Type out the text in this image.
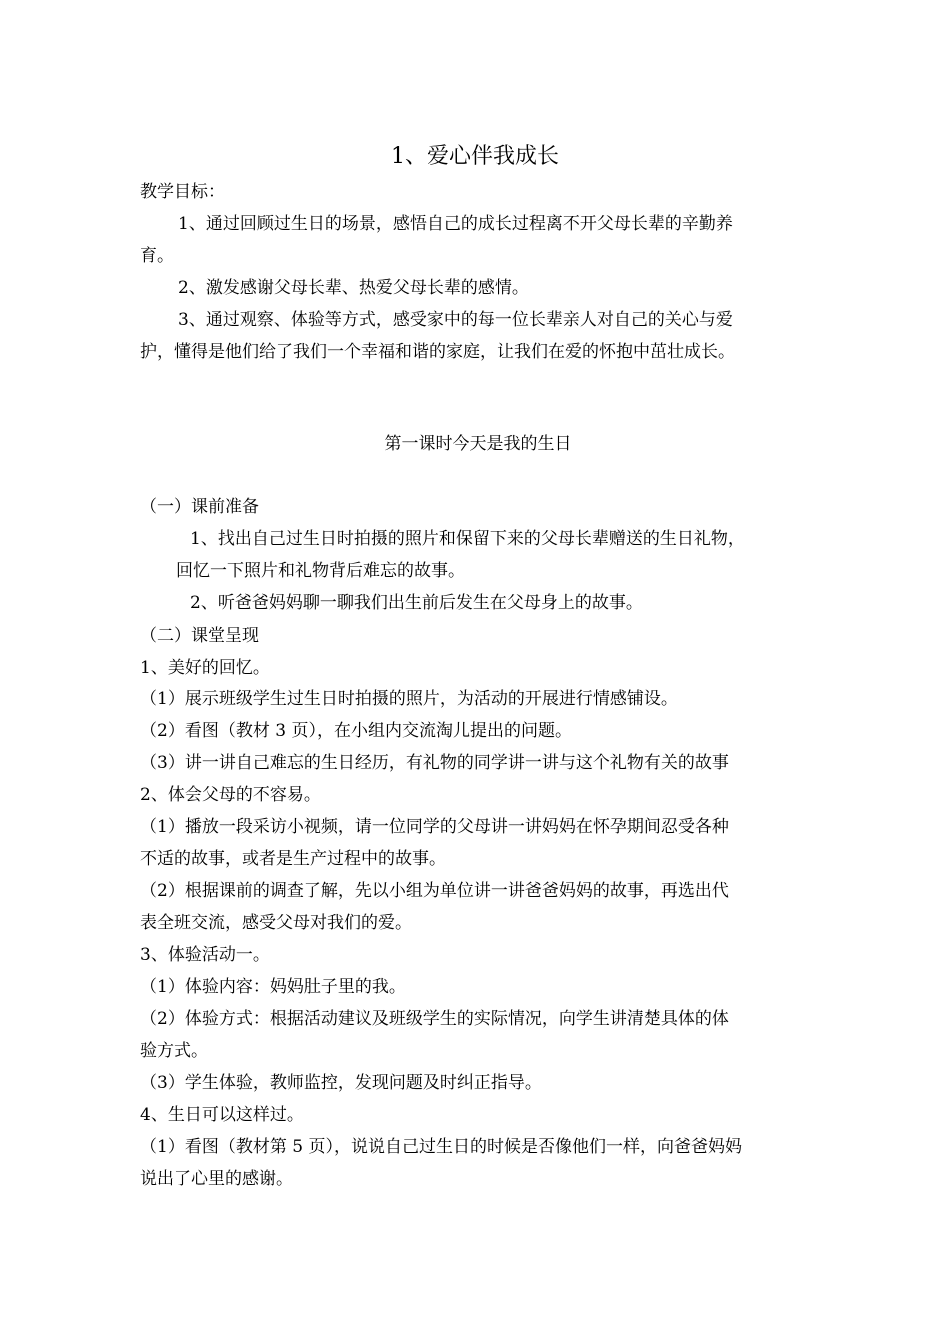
1、爱心伴我成长
教学目标：
1、通过回顾过生日的场景，感悟自己的成长过程离不开父母长辈的辛勤养
育。
2、激发感谢父母长辈、热爱父母长辈的感情。
3、通过观察、体验等方式，感受家中的每一位长辈亲人对自己的关心与爱
护，懂得是他们给了我们一个幸福和谐的家庭，让我们在爱的怀抱中茁壮成长。
第一课时今天是我的生日
（一）课前准备
1、找出自己过生日时拍摄的照片和保留下来的父母长辈赠送的生日礼物，
回忆一下照片和礼物背后难忘的故事。
2、听爸爸妈妈聊一聊我们出生前后发生在父母身上的故事。
（二）课堂呈现
1、美好的回忆。
（1）展示班级学生过生日时拍摄的照片，为活动的开展进行情感铺设。
（2）看图（教材 3 页），在小组内交流淘儿提出的问题。
（3）讲一讲自己难忘的生日经历，有礼物的同学讲一讲与这个礼物有关的故事
2、体会父母的不容易。
（1）播放一段采访小视频，请一位同学的父母讲一讲妈妈在怀孕期间忍受各种
不适的故事，或者是生产过程中的故事。
（2）根据课前的调查了解，先以小组为单位讲一讲爸爸妈妈的故事，再选出代
表全班交流，感受父母对我们的爱。
3、体验活动一。
（1）体验内容：妈妈肚子里的我。
（2）体验方式：根据活动建议及班级学生的实际情况，向学生讲清楚具体的体
验方式。
（3）学生体验，教师监控，发现问题及时纠正指导。
4、生日可以这样过。
（1）看图（教材第 5 页），说说自己过生日的时候是否像他们一样，向爸爸妈妈
说出了心里的感谢。
